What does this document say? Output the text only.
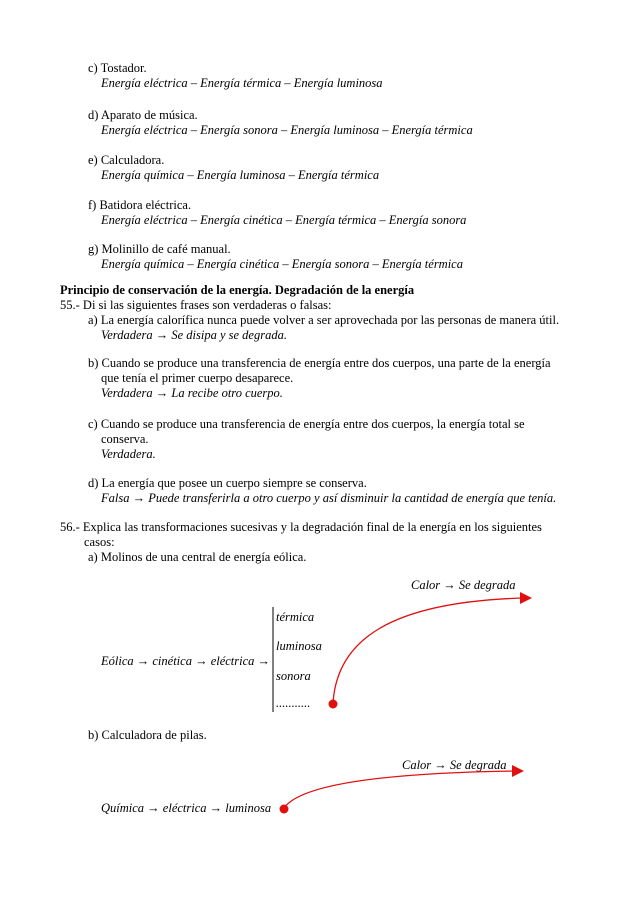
c) Tostador.
Energía eléctrica – Energía térmica – Energía luminosa
d) Aparato de música.
Energía eléctrica – Energía sonora – Energía luminosa – Energía térmica
e) Calculadora.
Energía química – Energía luminosa – Energía térmica
f) Batidora eléctrica.
Energía eléctrica – Energía cinética – Energía térmica – Energía sonora
g) Molinillo de café manual.
Energía química – Energía cinética – Energía sonora – Energía térmica
Principio de conservación de la energía. Degradación de la energía
55.- Di si las siguientes frases son verdaderas o falsas:
a) La energía calorífica nunca puede volver a ser aprovechada por las personas de manera útil.
Verdadera → Se disipa y se degrada.
b) Cuando se produce una transferencia de energía entre dos cuerpos, una parte de la energía
que tenía el primer cuerpo desaparece.
Verdadera → La recibe otro cuerpo.
c) Cuando se produce una transferencia de energía entre dos cuerpos, la energía total se
conserva.
Verdadera.
d) La energía que posee un cuerpo siempre se conserva.
Falsa → Puede transferirla a otro cuerpo y así disminuir la cantidad de energía que tenía.
56.- Explica las transformaciones sucesivas y la degradación final de la energía en los siguientes
casos:
a) Molinos de una central de energía eólica.
Calor → Se degrada
térmica
luminosa
Eólica → cinética → eléctrica →
sonora
...........
b) Calculadora de pilas.
Calor → Se degrada
Química → eléctrica → luminosa
